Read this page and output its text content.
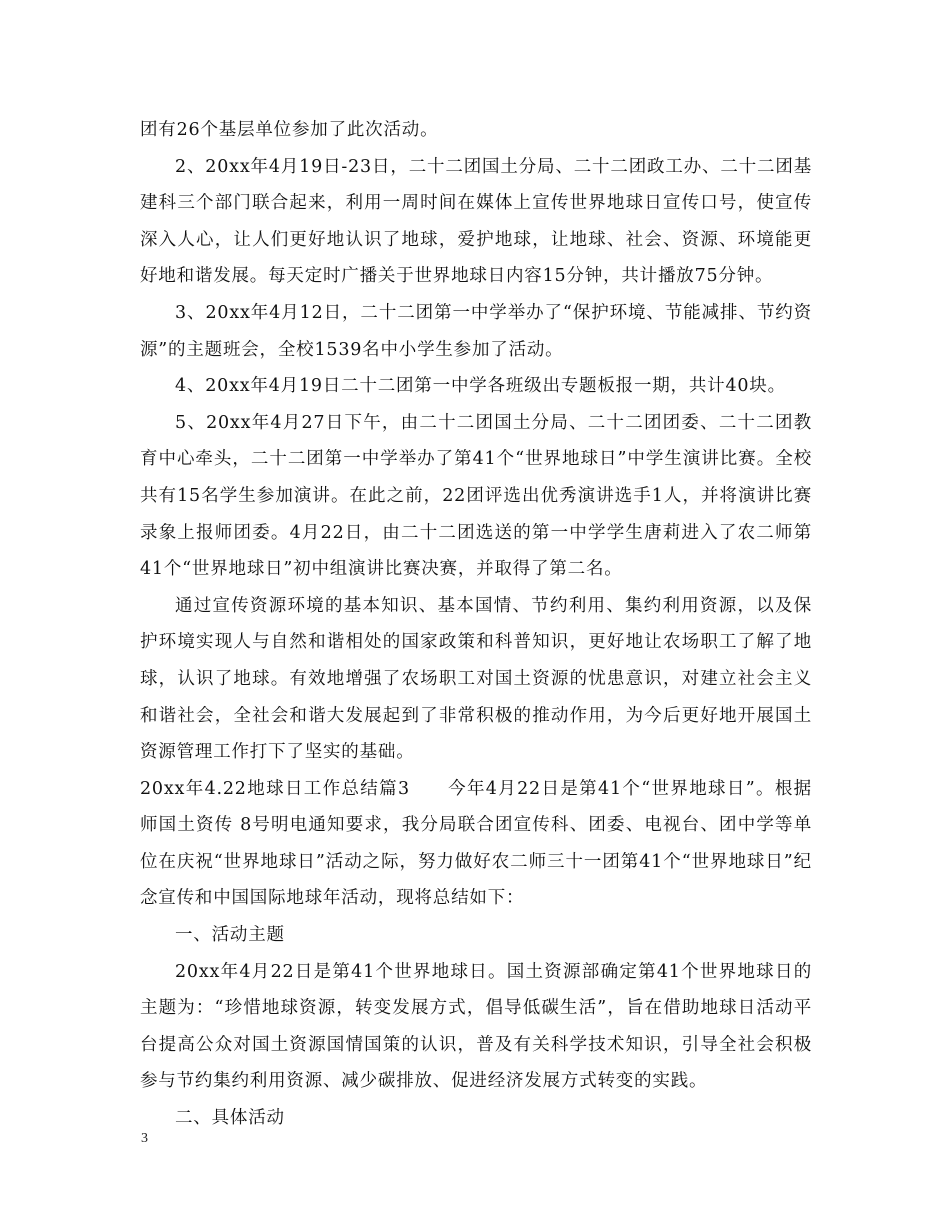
团有26个基层单位参加了此次活动。

2、20xx年4月19日-23日，二十二团国土分局、二十二团政工办、二十二团基建科三个部门联合起来，利用一周时间在媒体上宣传世界地球日宣传口号，使宣传深入人心，让人们更好地认识了地球，爱护地球，让地球、社会、资源、环境能更好地和谐发展。每天定时广播关于世界地球日内容15分钟，共计播放75分钟。

3、20xx年4月12日，二十二团第一中学举办了“保护环境、节能减排、节约资源”的主题班会，全校1539名中小学生参加了活动。

4、20xx年4月19日二十二团第一中学各班级出专题板报一期，共计40块。

5、20xx年4月27日下午，由二十二团国土分局、二十二团团委、二十二团教育中心牵头，二十二团第一中学举办了第41个“世界地球日”中学生演讲比赛。全校共有15名学生参加演讲。在此之前，22团评选出优秀演讲选手1人，并将演讲比赛录象上报师团委。4月22日，由二十二团选送的第一中学学生唐莉进入了农二师第41个“世界地球日”初中组演讲比赛决赛，并取得了第二名。

通过宣传资源环境的基本知识、基本国情、节约利用、集约利用资源，以及保护环境实现人与自然和谐相处的国家政策和科普知识，更好地让农场职工了解了地球，认识了地球。有效地增强了农场职工对国土资源的忧患意识，对建立社会主义和谐社会，全社会和谐大发展起到了非常积极的推动作用，为今后更好地开展国土资源管理工作打下了坚实的基础。

20xx年4.22地球日工作总结篇3　　今年4月22日是第41个“世界地球日”。根据师国土资传 8号明电通知要求，我分局联合团宣传科、团委、电视台、团中学等单位在庆祝“世界地球日”活动之际，努力做好农二师三十一团第41个“世界地球日”纪念宣传和中国国际地球年活动，现将总结如下：

一、活动主题

20xx年4月22日是第41个世界地球日。国土资源部确定第41个世界地球日的主题为：“珍惜地球资源，转变发展方式，倡导低碳生活”，旨在借助地球日活动平台提高公众对国土资源国情国策的认识，普及有关科学技术知识，引导全社会积极参与节约集约利用资源、减少碳排放、促进经济发展方式转变的实践。

二、具体活动

3
